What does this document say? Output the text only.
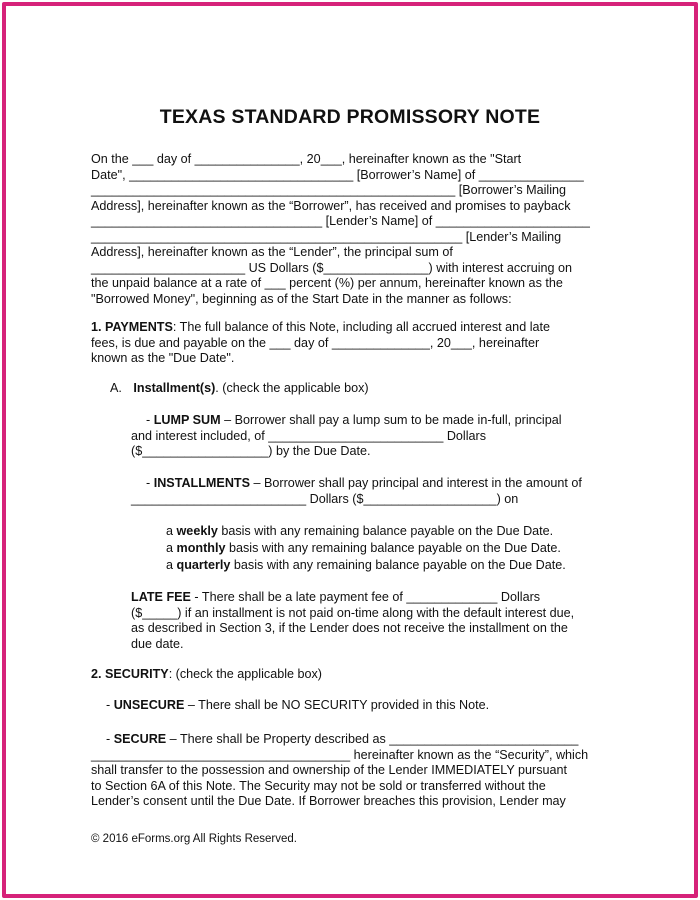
TEXAS STANDARD PROMISSORY NOTE
On the ___ day of _______________, 20___, hereinafter known as the "Start
Date", ________________________________ [Borrower’s Name] of _______________
____________________________________________________ [Borrower’s Mailing
Address], hereinafter known as the “Borrower”, has received and promises to payback
_________________________________ [Lender’s Name] of ______________________
_____________________________________________________ [Lender’s Mailing
Address], hereinafter known as the “Lender”, the principal sum of
______________________ US Dollars ($_______________) with interest accruing on
the unpaid balance at a rate of ___ percent (%) per annum, hereinafter known as the
"Borrowed Money", beginning as of the Start Date in the manner as follows:
1. PAYMENTS: The full balance of this Note, including all accrued interest and late
fees, is due and payable on the ___ day of ______________, 20___, hereinafter
known as the "Due Date".
A. Installment(s). (check the applicable box)
- LUMP SUM – Borrower shall pay a lump sum to be made in-full, principal
and interest included, of _________________________ Dollars
($__________________) by the Due Date.
- INSTALLMENTS – Borrower shall pay principal and interest in the amount of
_________________________ Dollars ($___________________) on
a weekly basis with any remaining balance payable on the Due Date.
a monthly basis with any remaining balance payable on the Due Date.
a quarterly basis with any remaining balance payable on the Due Date.
LATE FEE - There shall be a late payment fee of _____________ Dollars
($_____) if an installment is not paid on-time along with the default interest due,
as described in Section 3, if the Lender does not receive the installment on the
due date.
2. SECURITY: (check the applicable box)
- UNSECURE – There shall be NO SECURITY provided in this Note.
- SECURE – There shall be Property described as ___________________________
_____________________________________ hereinafter known as the “Security”, which
shall transfer to the possession and ownership of the Lender IMMEDIATELY pursuant
to Section 6A of this Note. The Security may not be sold or transferred without the
Lender’s consent until the Due Date. If Borrower breaches this provision, Lender may
© 2016 eForms.org All Rights Reserved.
